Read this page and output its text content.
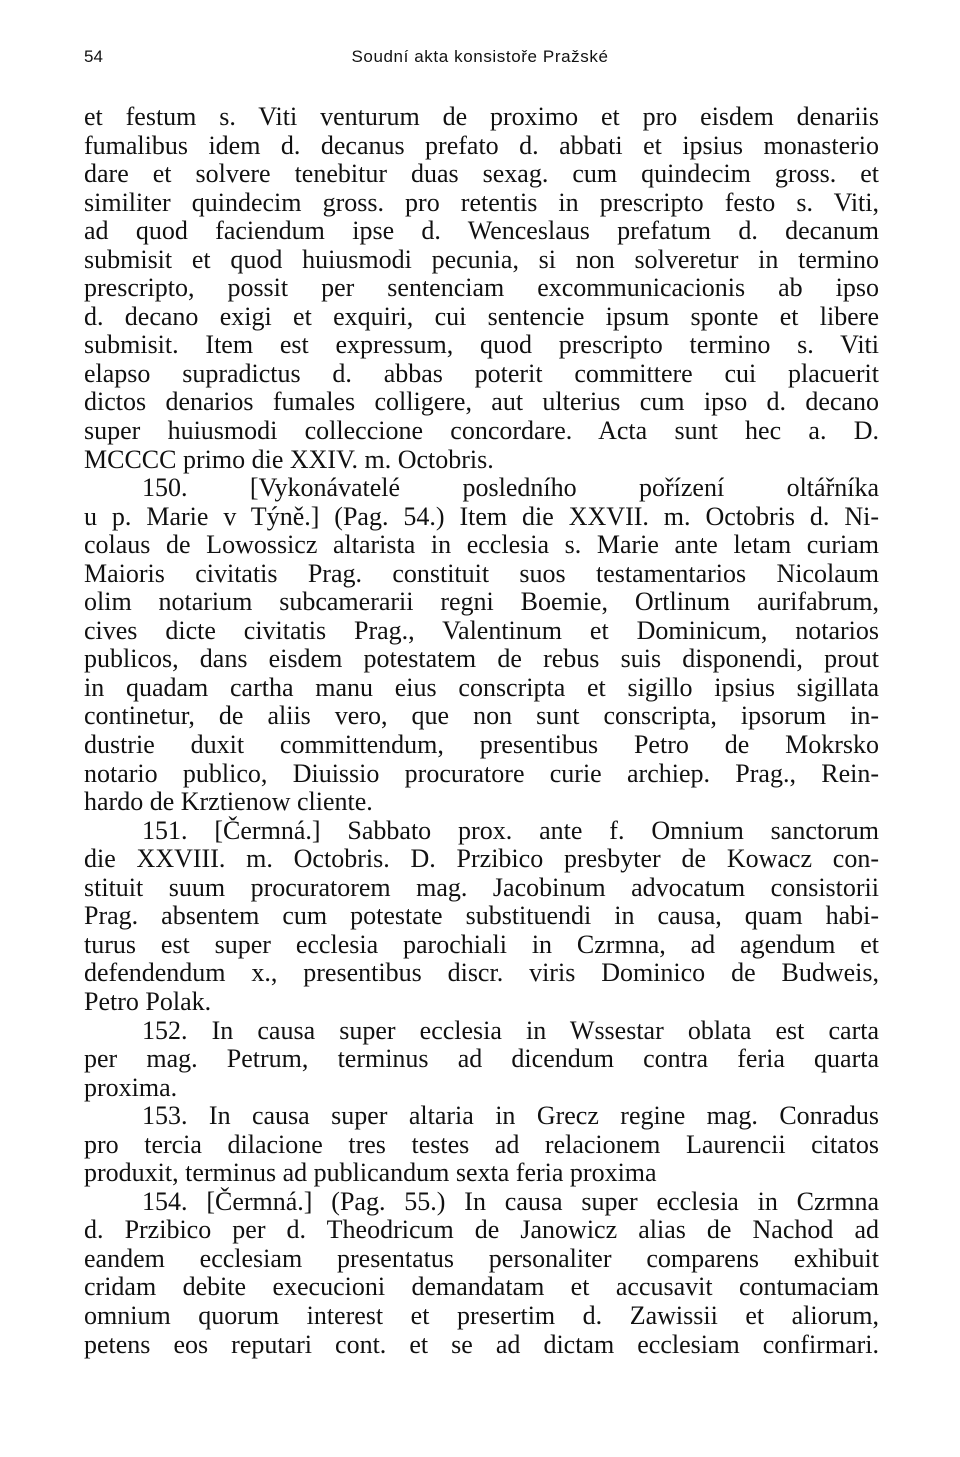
54	Soudní akta konsistoře Pražské
et festum s. Viti venturum de proximo et pro eisdem denariis
fumalibus idem d. decanus prefato d. abbati et ipsius monasterio
dare et solvere tenebitur duas sexag. cum quindecim gross. et
similiter quindecim gross. pro retentis in prescripto festo s. Viti,
ad quod faciendum ipse d. Wenceslaus prefatum d. decanum
submisit et quod huiusmodi pecunia, si non solveretur in termino
prescripto, possit per sentenciam excommunicacionis ab ipso
d. decano exigi et exquiri, cui sentencie ipsum sponte et libere
submisit. Item est expressum, quod prescripto termino s. Viti
elapso supradictus d. abbas poterit committere cui placuerit
dictos denarios fumales colligere, aut ulterius cum ipso d. decano
super huiusmodi colleccione concordare. Acta sunt hec a. D.
MCCCC primo die XXIV. m. Octobris.
150. [Vykonávatelé posledního pořízení oltářníka
u p. Marie v Týně.] (Pag. 54.) Item die XXVII. m. Octobris d. Ni-
colaus de Lowossicz altarista in ecclesia s. Marie ante letam curiam
Maioris civitatis Prag. constituit suos testamentarios Nicolaum
olim notarium subcamerarii regni Boemie, Ortlinum aurifabrum,
cives dicte civitatis Prag., Valentinum et Dominicum, notarios
publicos, dans eisdem potestatem de rebus suis disponendi, prout
in quadam cartha manu eius conscripta et sigillo ipsius sigillata
continetur, de aliis vero, que non sunt conscripta, ipsorum in-
dustrie duxit committendum, presentibus Petro de Mokrsko
notario publico, Diuissio procuratore curie archiep. Prag., Rein-
hardo de Krztienow cliente.
151. [Čermná.] Sabbato prox. ante f. Omnium sanctorum
die XXVIII. m. Octobris. D. Przibico presbyter de Kowacz con-
stituit suum procuratorem mag. Jacobinum advocatum consistorii
Prag. absentem cum potestate substituendi in causa, quam habi-
turus est super ecclesia parochiali in Czrmna, ad agendum et
defendendum x., presentibus discr. viris Dominico de Budweis,
Petro Polak.
152. In causa super ecclesia in Wssestar oblata est carta
per mag. Petrum, terminus ad dicendum contra feria quarta
proxima.
153. In causa super altaria in Grecz regine mag. Conradus
pro tercia dilacione tres testes ad relacionem Laurencii citatos
produxit, terminus ad publicandum sexta feria proxima
154. [Čermná.] (Pag. 55.) In causa super ecclesia in Czrmna
d. Przibico per d. Theodricum de Janowicz alias de Nachod ad
eandem ecclesiam presentatus personaliter comparens exhibuit
cridam debite execucioni demandatam et accusavit contumaciam
omnium quorum interest et presertim d. Zawissii et aliorum,
petens eos reputari cont. et se ad dictam ecclesiam confirmari.
